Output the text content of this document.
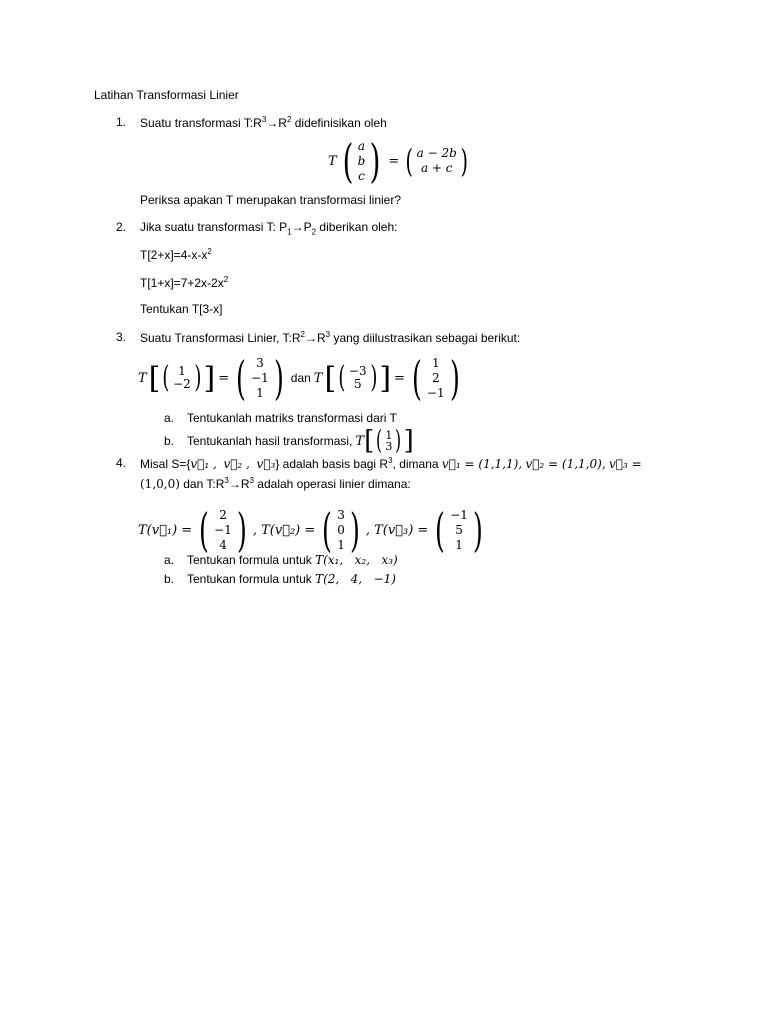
Latihan Transformasi Linier
1. Suatu transformasi $T:R^3\to R^2$ didefinisikan oleh
T ( a
b
c ) = ( a − 2b
a + c )
Periksa apakan T merupakan transformasi linier?
2. Jika suatu transformasi T: $P_1\to P_2$ diberikan oleh:
$T[2+x]=4-x-x^2$
$T[1+x]=7+2x-2x^2$
Tentukan T[3-x]
3. Suatu Transformasi Linier, $T:R^2\to R^3$ yang diilustrasikan sebagai berikut:
T [ ( 1
−2 ) ] = ( 3
−1
1 ) dan T [ ( −3
5 ) ] = ( 1
2
−1 )
a. Tentukanlah matriks transformasi dari T
b. Tentukanlah hasil transformasi, T [ ( 1
3 ) ]
4. Misal S={v⃗₁ , v⃗₂ , v⃗₃} adalah basis bagi $R^3$, dimana v⃗₁ = (1,1,1), v⃗₂ = (1,1,0), v⃗₃ =
(1,0,0) dan $T:R^3\to R^3$ adalah operasi linier dimana:
T(v⃗₁) = ( 2
−1
4 ) , T(v⃗₂) = ( 3
0
1 ) , T(v⃗₃) = ( −1
5
1 )
a. Tentukan formula untuk T(x₁,   x₂,   x₃)
b. Tentukan formula untuk T(2,   4,   −1)
